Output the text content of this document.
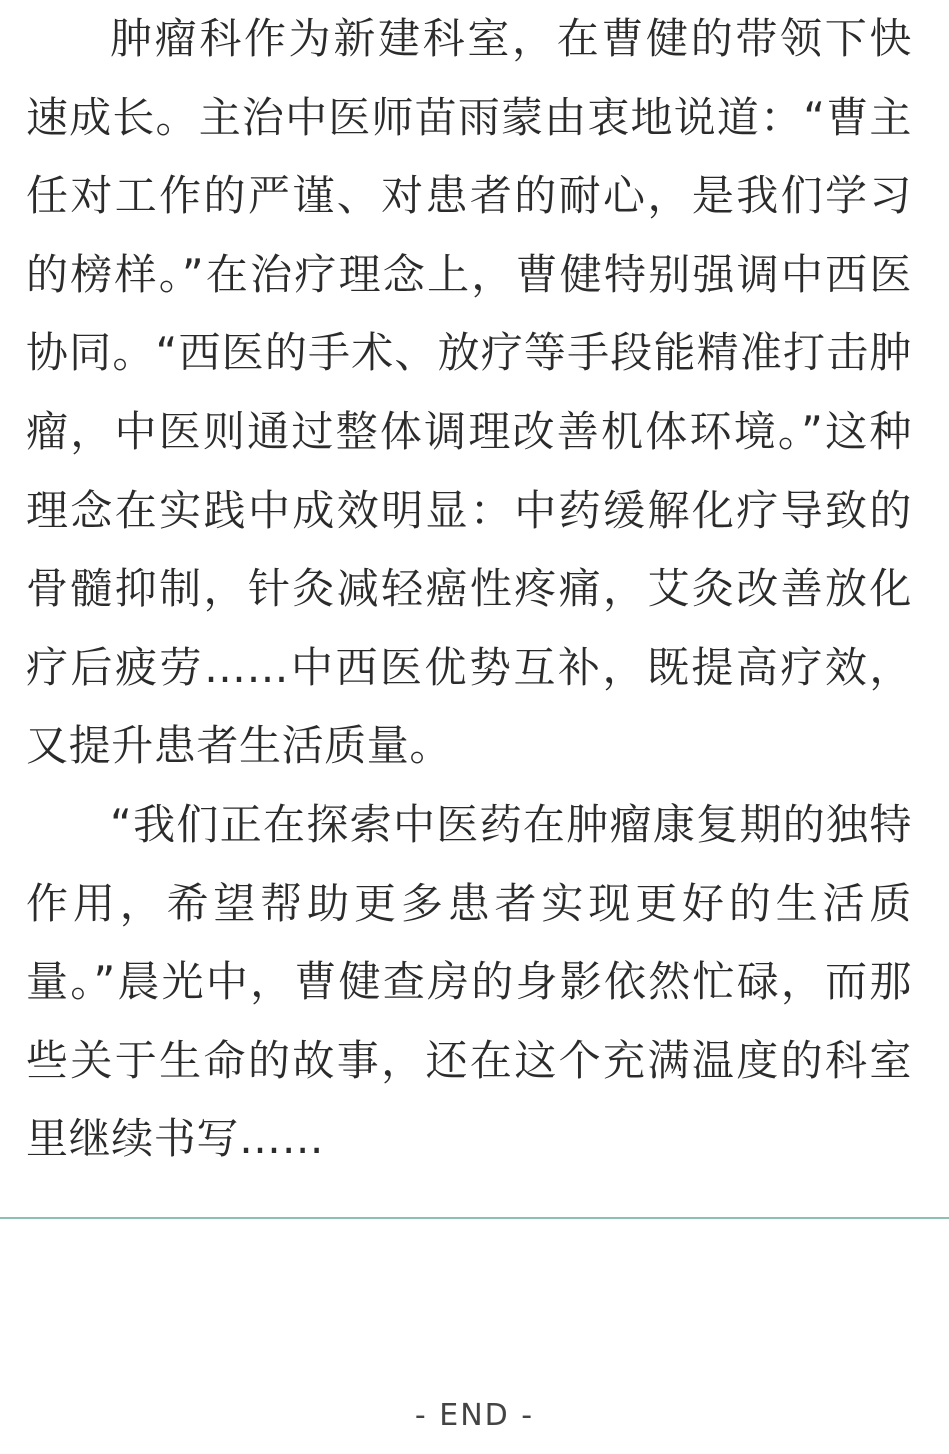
肿瘤科作为新建科室，在曹健的带领下快速成长。主治中医师苗雨蒙由衷地说道：“曹主任对工作的严谨、对患者的耐心，是我们学习的榜样。”在治疗理念上，曹健特别强调中西医协同。“西医的手术、放疗等手段能精准打击肿瘤，中医则通过整体调理改善机体环境。”这种理念在实践中成效明显：中药缓解化疗导致的骨髓抑制，针灸减轻癌性疼痛，艾灸改善放化疗后疲劳……中西医优势互补，既提高疗效，又提升患者生活质量。

“我们正在探索中医药在肿瘤康复期的独特作用，希望帮助更多患者实现更好的生活质量。”晨光中，曹健查房的身影依然忙碌，而那些关于生命的故事，还在这个充满温度的科室里继续书写……

- END -
